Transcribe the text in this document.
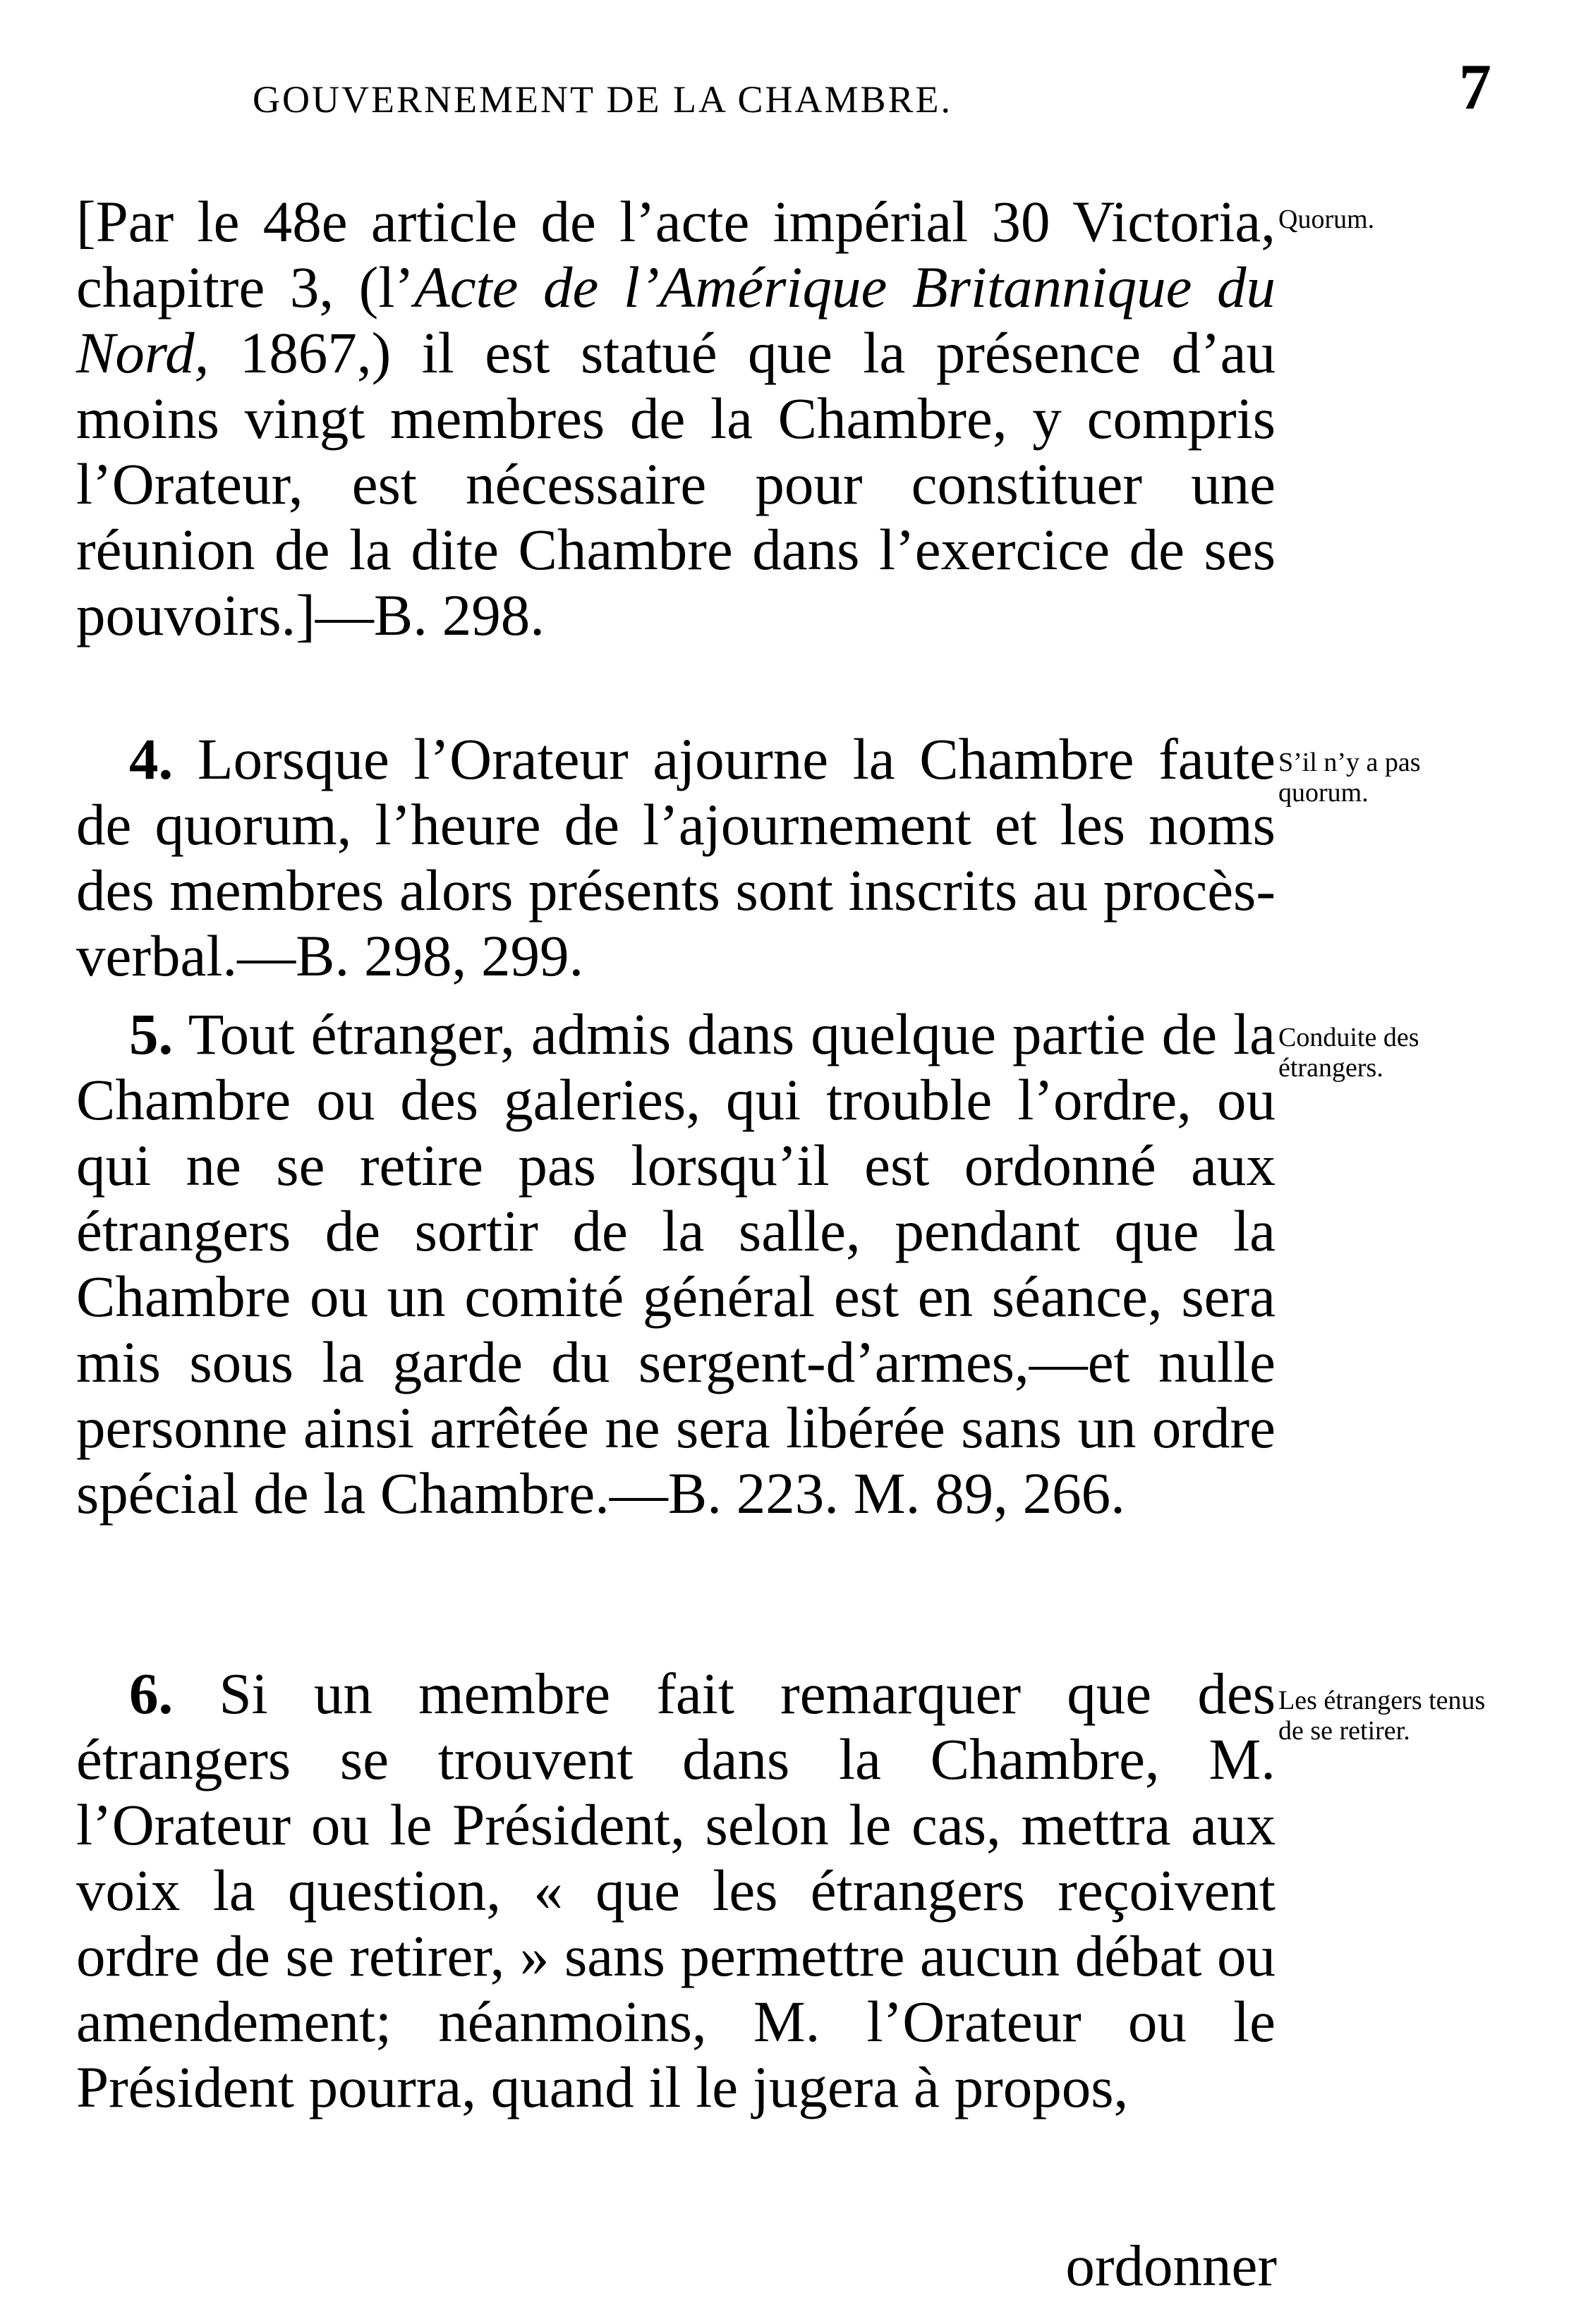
GOUVERNEMENT DE LA CHAMBRE.	7
[Par le 48e article de l’acte impérial 30 Victoria, chapitre 3, (l’Acte de l’Amérique Britannique du Nord, 1867,) il est statué que la présence d’au moins vingt membres de la Chambre, y compris l’Orateur, est nécessaire pour constituer une réunion de la dite Chambre dans l’exercice de ses pouvoirs.]—B. 298.
Quorum.
4. Lorsque l’Orateur ajourne la Chambre faute de quorum, l’heure de l’ajournement et les noms des membres alors présents sont inscrits au procès-verbal.—B. 298, 299.
S’il n’y a pas quorum.
5. Tout étranger, admis dans quelque partie de la Chambre ou des galeries, qui trouble l’ordre, ou qui ne se retire pas lorsqu’il est ordonné aux étrangers de sortir de la salle, pendant que la Chambre ou un comité général est en séance, sera mis sous la garde du sergent-d’armes,—et nulle personne ainsi arrêtée ne sera libérée sans un ordre spécial de la Chambre.—B. 223. M. 89, 266.
Conduite des étrangers.
6. Si un membre fait remarquer que des étrangers se trouvent dans la Chambre, M. l’Orateur ou le Président, selon le cas, mettra aux voix la question, « que les étrangers reçoivent ordre de se retirer, » sans permettre aucun débat ou amendement; néanmoins, M. l’Orateur ou le Président pourra, quand il le jugera à propos,
Les étrangers tenus de se retirer.
ordonner
